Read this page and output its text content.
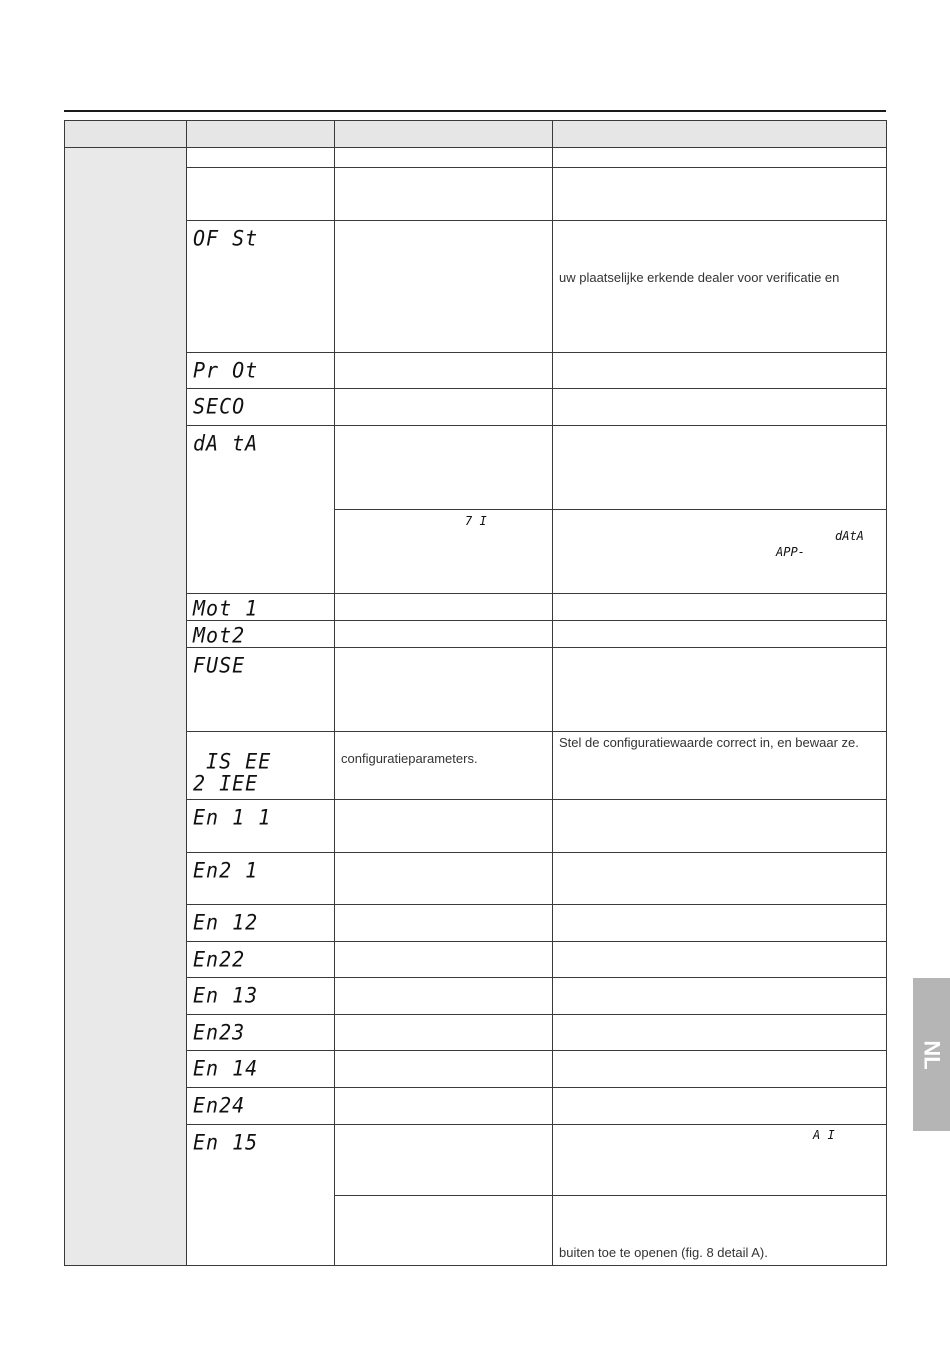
	OF St		uw plaatselijke erkende dealer voor verificatie en
	Pr Ot		
	SECO		
	dA tA		

		7 I	dAtA
APP-

	Mot 1		
	Mot2		
	FUSE		

	IS EE
2 IEE	configuratieparameters.	Stel de configuratiewaarde correct in, en bewaar ze.
	En 1 1		
	En2 1		
	En 12		
	En22		
	En 13		
	En23		
	En 14		
	En24		
	En 15		A I

			buiten toe te openen (fig. 8 detail A).
NL
